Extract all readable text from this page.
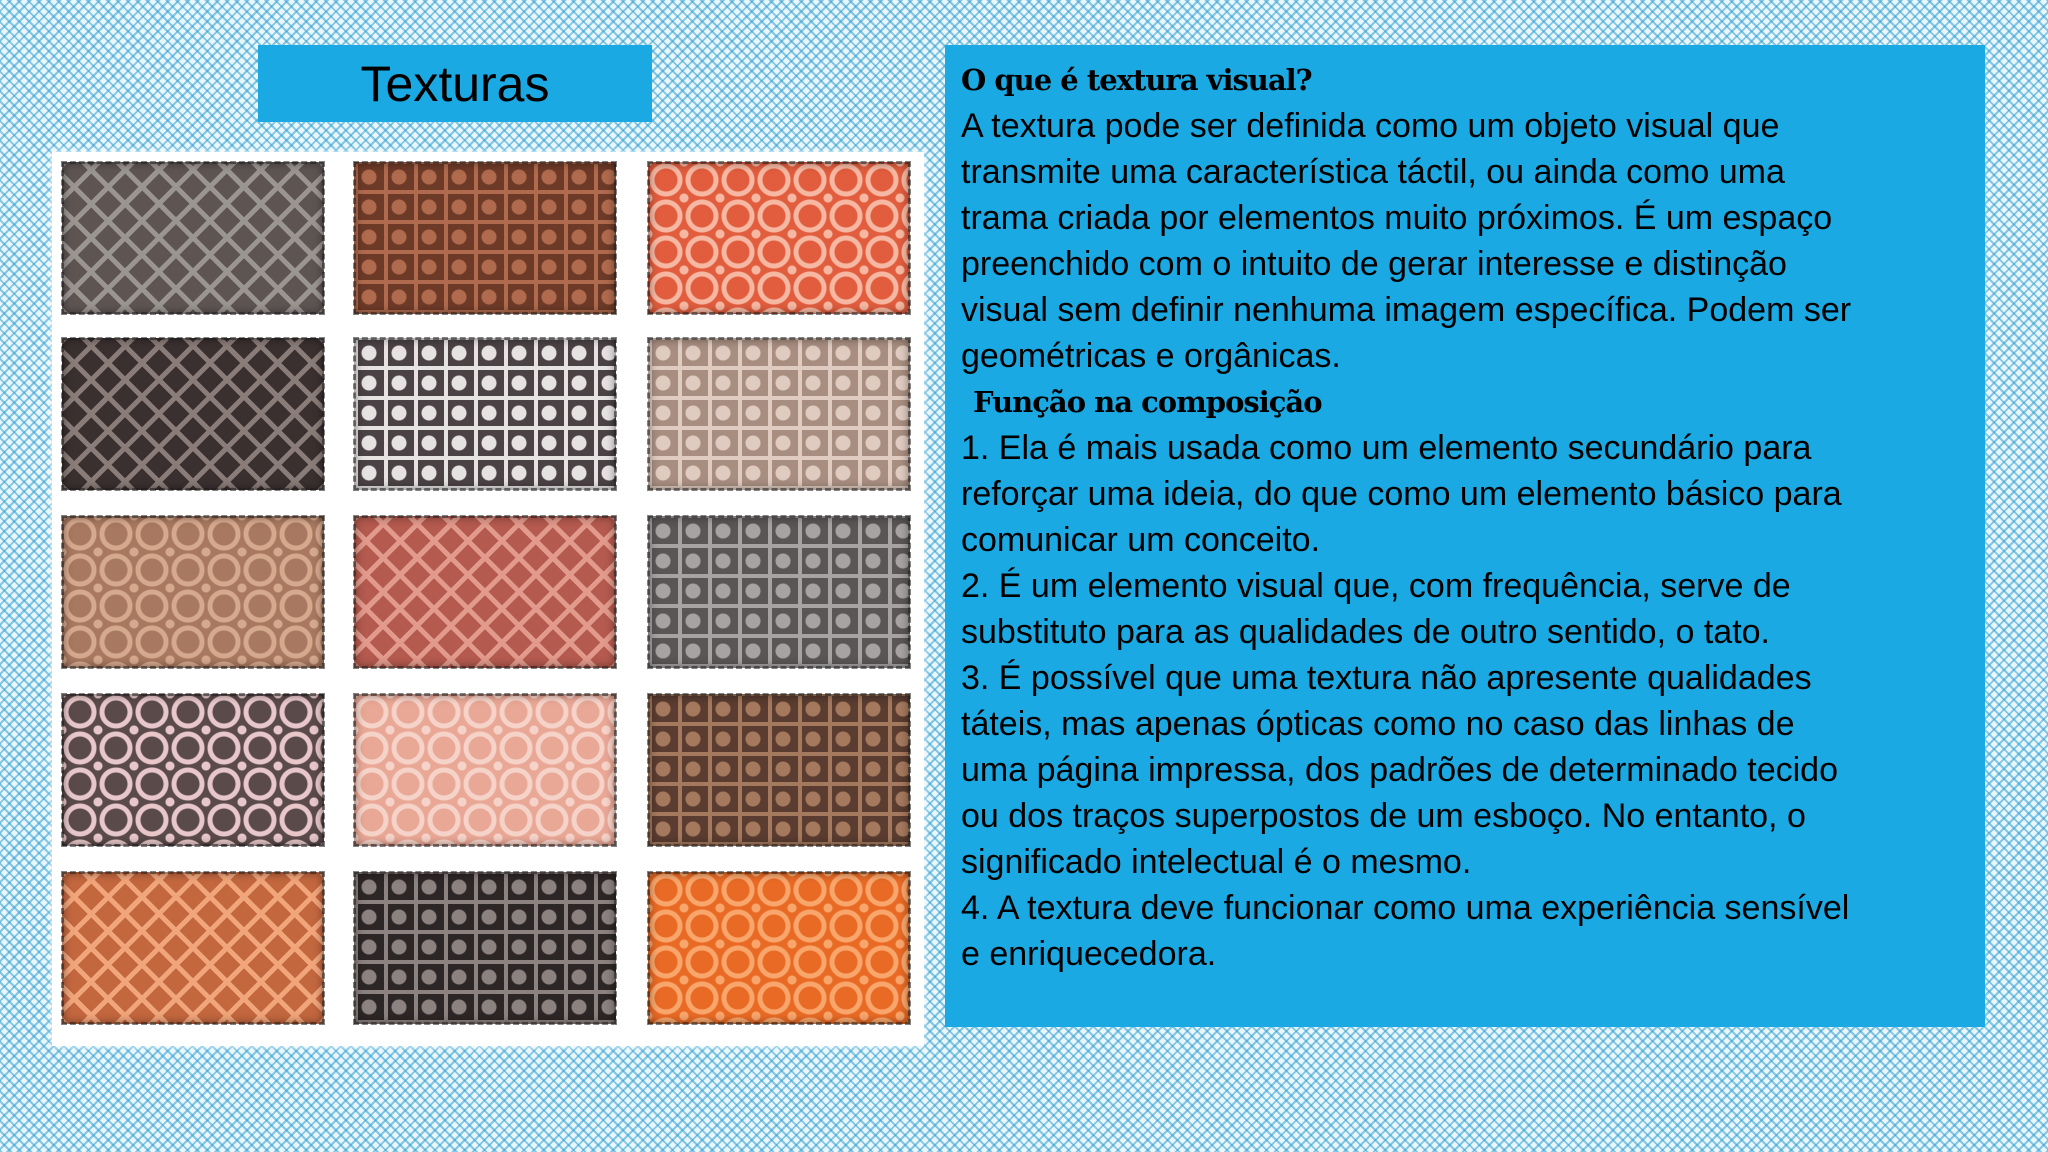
Texturas	O que é textura visual?

A textura pode ser definida como um objeto visual que

transmite uma característica táctil, ou ainda como uma

trama criada por elementos muito próximos. É um espaço

preenchido com o intuito de gerar interesse e distinção

visual sem definir nenhuma imagem específica. Podem ser

geométricas e orgânicas.

Função na composição

1. Ela é mais usada como um elemento secundário para

reforçar uma ideia, do que como um elemento básico para

comunicar um conceito.

2. É um elemento visual que, com frequência, serve de

substituto para as qualidades de outro sentido, o tato.

3. É possível que uma textura não apresente qualidades

táteis, mas apenas ópticas como no caso das linhas de

uma página impressa, dos padrões de determinado tecido

ou dos traços superpostos de um esboço. No entanto, o

significado intelectual é o mesmo.

4. A textura deve funcionar como uma experiência sensível

e enriquecedora.
